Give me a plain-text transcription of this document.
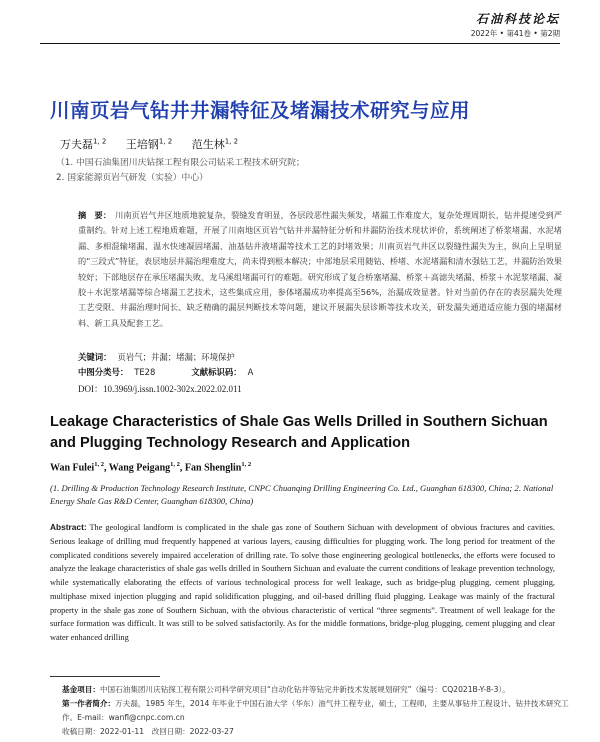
石油科技论坛
2022年 • 第41卷 • 第2期
川南页岩气钻井井漏特征及堵漏技术研究与应用
万夫磊$^{1, 2}$ 王培钢$^{1, 2}$ 范生林$^{1, 2}$
（1. 中国石油集团川庆钻探工程有限公司钻采工程技术研究院；
2. 国家能源页岩气研发（实验）中心）
摘　要： 川南页岩气井区地质地貌复杂，裂缝发育明显，各层段恶性漏失频发，堵漏工作难度大，复杂处理周期长，钻井提速受到严重制约。针对上述工程地质难题，开展了川南地区页岩气钻井井漏特征分析和井漏防治技术现状评价，系统阐述了桥浆堵漏、水泥堵漏、多相混输堵漏、温水快速凝固堵漏、油基钻井液堵漏等技术工艺的封堵效果；川南页岩气井区以裂缝性漏失为主，纵向上呈明显的“三段式”特征，表层地层井漏治理难度大，尚未得到根本解决；中部地层采用随钻、桥堵、水泥堵漏和清水强钻工艺，井漏防治效果较好；下部地层存在承压堵漏失败、龙马溪组堵漏可行的难题。研究形成了复合桥塞堵漏、桥浆＋高滤失堵漏、桥浆＋水泥浆堵漏、凝胶＋水泥浆堵漏等综合堵漏工艺技术，这些集成应用，参体堵漏成功率提高至56%，治漏成效显著。针对当前仍存在的表层漏失处理工艺受限、井漏治理时间长、缺乏精确的漏层判断技术等问题，建议开展漏失层诊断等技术攻关，研发漏失通道适应能力强的堵漏材料、新工具及配套工艺。
关键词： 页岩气；井漏；堵漏；环境保护
中图分类号： TE28	文献标识码： A
DOI：10.3969/j.issn.1002-302x.2022.02.011
Leakage Characteristics of Shale Gas Wells Drilled in Southern Sichuan and Plugging Technology Research and Application
Wan Fulei$^{1, 2}$, Wang Peigang$^{1, 2}$, Fan Shenglin$^{1, 2}$
(1. Drilling & Production Technology Research Institute, CNPC Chuanqing Drilling Engineering Co. Ltd., Guanghan 618300, China; 2. National Energy Shale Gas R&D Center, Guanghan 618300, China)
Abstract: The geological landform is complicated in the shale gas zone of Southern Sichuan with development of obvious fractures and cavities. Serious leakage of drilling mud frequently happened at various layers, causing difficulties for plugging work. The long period for treatment of the complicated conditions severely impaired acceleration of drilling rate. To solve those engineering geological bottlenecks, the efforts were focused to analyze the leakage characteristics of shale gas wells drilled in Southern Sichuan and evaluate the current conditions of leakage prevention technology, while systematically elaborating the effects of various technological process for well leakage, such as bridge-plug plugging, cement plugging, multiphase mixed injection plugging and rapid solidification plugging, and oil-based drilling fluid plugging. Leakage was mainly of the fractural property in the shale gas zone of Southern Sichuan, with the obvious characteristic of vertical “three segments”. Treatment of well leakage for the surface formation was difficult. It was still to be solved satisfactorily. As for the middle formations, bridge-plug plugging, cement plugging and clear water enhanced drilling
基金项目：中国石油集团川庆钻探工程有限公司科学研究项目“自动化钻井等钻完井新技术发展规划研究”（编号：CQ2021B-Y-8-3）。
第一作者简介：万夫磊，1985 年生，2014 年毕业于中国石油大学（华东）油气井工程专业，硕士，工程师，主要从事钻井工程设计、钻井技术研究工作。E-mail：wanfl@cnpc.com.cn
收稿日期：2022-01-11　改回日期：2022-03-27
